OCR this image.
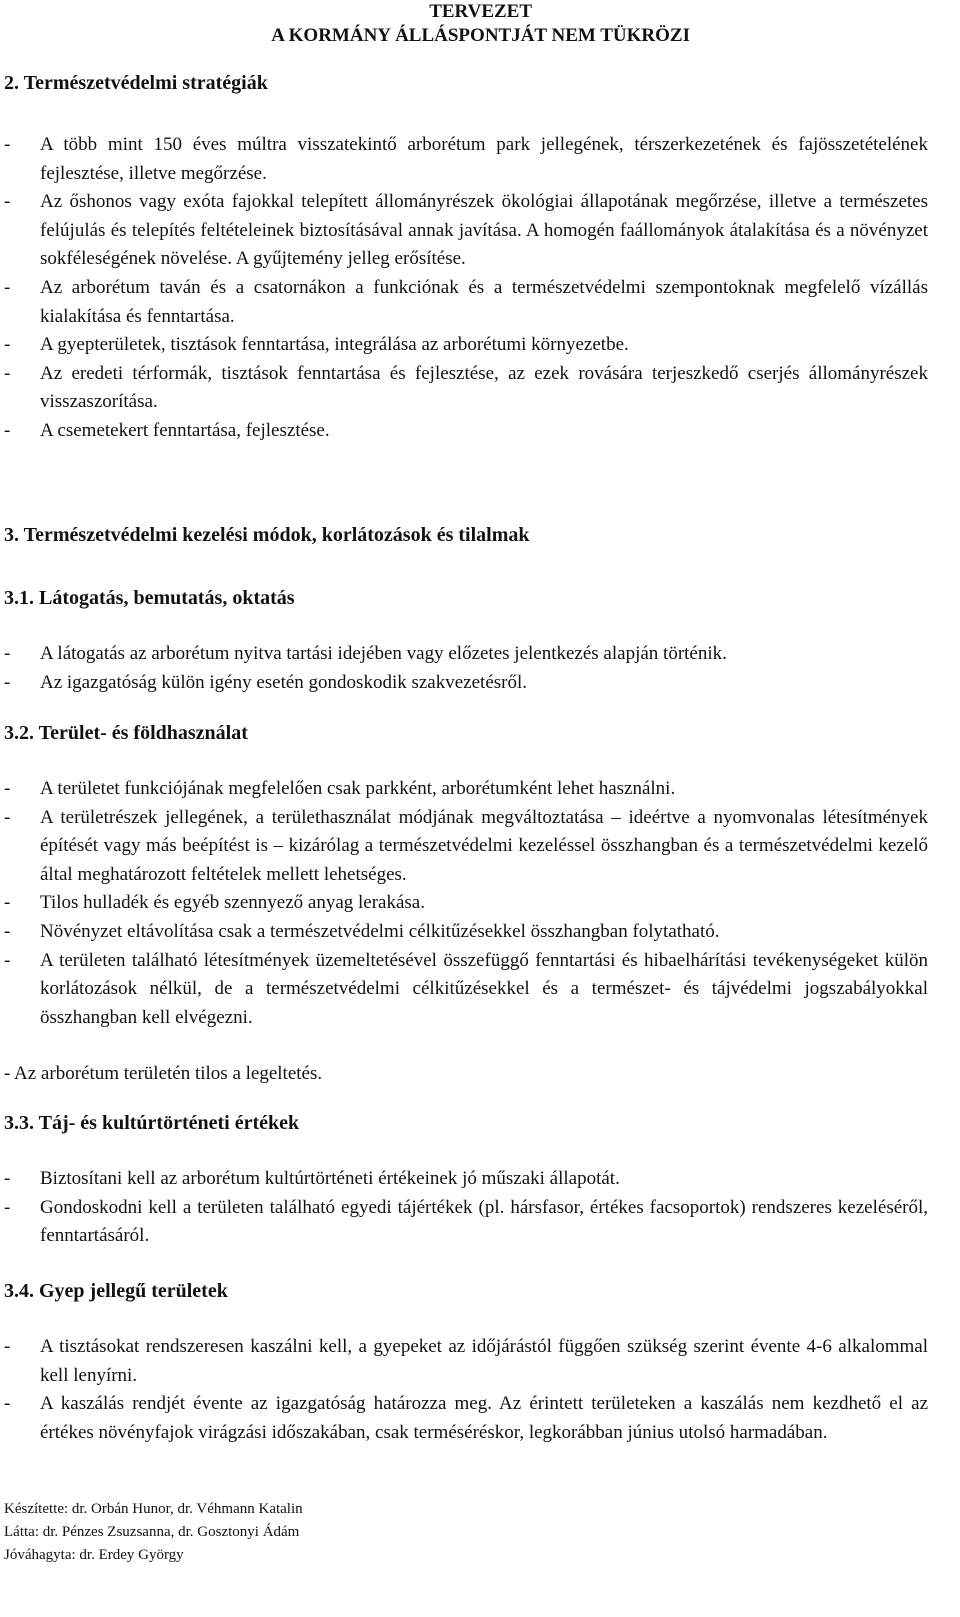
TERVEZET
A KORMÁNY ÁLLÁSPONTJÁT NEM TÜKRÖZI
2. Természetvédelmi stratégiák
- A több mint 150 éves múltra visszatekintő arborétum park jellegének, térszerkezetének és fajösszetételének fejlesztése, illetve megőrzése.
- Az őshonos vagy exóta fajokkal telepített állományrészek ökológiai állapotának megőrzése, illetve a természetes felújulás és telepítés feltételeinek biztosításával annak javítása. A homogén faállományok átalakítása és a növényzet sokféleségének növelése. A gyűjtemény jelleg erősítése.
- Az arborétum taván és a csatornákon a funkciónak és a természetvédelmi szempontoknak megfelelő vízállás kialakítása és fenntartása.
- A gyepterületek, tisztások fenntartása, integrálása az arborétumi környezetbe.
- Az eredeti térformák, tisztások fenntartása és fejlesztése, az ezek rovására terjeszkedő cserjés állományrészek visszaszorítása.
- A csemetekert fenntartása, fejlesztése.
3. Természetvédelmi kezelési módok, korlátozások és tilalmak
3.1. Látogatás, bemutatás, oktatás
- A látogatás az arborétum nyitva tartási idejében vagy előzetes jelentkezés alapján történik.
- Az igazgatóság külön igény esetén gondoskodik szakvezetésről.
3.2. Terület- és földhasználat
- A területet funkciójának megfelelően csak parkként, arborétumként lehet használni.
- A területrészek jellegének, a területhasználat módjának megváltoztatása – ideértve a nyomvonalas létesítmények építését vagy más beépítést is – kizárólag a természetvédelmi kezeléssel összhangban és a természetvédelmi kezelő által meghatározott feltételek mellett lehetséges.
- Tilos hulladék és egyéb szennyező anyag lerakása.
- Növényzet eltávolítása csak a természetvédelmi célkitűzésekkel összhangban folytatható.
- A területen található létesítmények üzemeltetésével összefüggő fenntartási és hibaelhárítási tevékenységeket külön korlátozások nélkül, de a természetvédelmi célkitűzésekkel és a természet- és tájvédelmi jogszabályokkal összhangban kell elvégezni.
- Az arborétum területén tilos a legeltetés.
3.3. Táj- és kultúrtörténeti értékek
- Biztosítani kell az arborétum kultúrtörténeti értékeinek jó műszaki állapotát.
- Gondoskodni kell a területen található egyedi tájértékek (pl. hársfasor, értékes facsoportok) rendszeres kezeléséről, fenntartásáról.
3.4. Gyep jellegű területek
- A tisztásokat rendszeresen kaszálni kell, a gyepeket az időjárástól függően szükség szerint évente 4-6 alkalommal kell lenyírni.
- A kaszálás rendjét évente az igazgatóság határozza meg. Az érintett területeken a kaszálás nem kezdhető el az értékes növényfajok virágzási időszakában, csak terméséréskor, legkorábban június utolsó harmadában.
Készítette: dr. Orbán Hunor, dr. Véhmann Katalin
Látta: dr. Pénzes Zsuzsanna, dr. Gosztonyi Ádám
Jóváhagyta: dr. Erdey György
